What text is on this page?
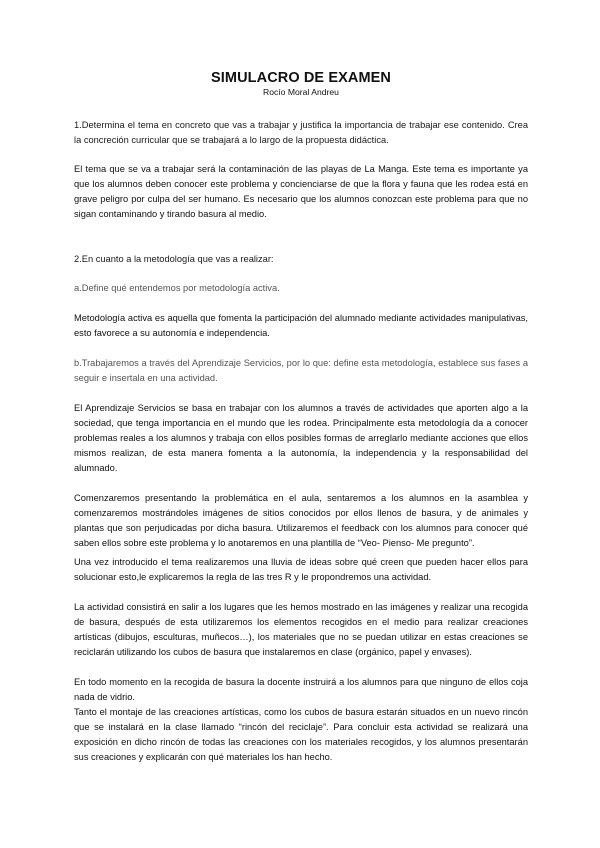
SIMULACRO DE EXAMEN
Rocío Moral Andreu

1.Determina el tema en concreto que vas a trabajar y justifica la importancia de trabajar ese contenido. Crea la concreción curricular que se trabajará a lo largo de la propuesta didáctica.

El tema que se va a trabajar será la contaminación de las playas de La Manga. Este tema es importante ya que los alumnos deben conocer este problema y concienciarse de que la flora y fauna que les rodea está en grave peligro por culpa del ser humano. Es necesario que los alumnos conozcan este problema para que no sigan contaminando y tirando basura al medio.

2.En cuanto a la metodología que vas a realizar:

a.Define qué entendemos por metodología activa.

Metodología activa es aquella que fomenta la participación del alumnado mediante actividades manipulativas, esto favorece a su autonomía e independencia.

b.Trabajaremos a través del Aprendizaje Servicios, por lo que: define esta metodología, establece sus fases a seguir e insertala en una actividad.

El Aprendizaje Servicios se basa en trabajar con los alumnos a través de actividades que aporten algo a la sociedad, que tenga importancia en el mundo que les rodea. Principalmente esta metodología da a conocer problemas reales a los alumnos y trabaja con ellos posibles formas de arreglarlo mediante acciones que ellos mismos realizan, de esta manera fomenta a la autonomía, la independencia y la responsabilidad del alumnado.

Comenzaremos presentando la problemática en el aula, sentaremos a los alumnos en la asamblea y comenzaremos mostrándoles imágenes de sitios conocidos por ellos llenos de basura, y de animales y plantas que son perjudicadas por dicha basura. Utilizaremos el feedback con los alumnos para conocer qué saben ellos sobre este problema y lo anotaremos en una plantilla de “Veo- Pienso- Me pregunto”.

Una vez introducido el tema realizaremos una lluvia de ideas sobre qué creen que pueden hacer ellos para solucionar esto,le explicaremos la regla de las tres R y le propondremos una actividad.

La actividad consistirá en salir a los lugares que les hemos mostrado en las imágenes y realizar una recogida de basura, después de esta utilizaremos los elementos recogidos en el medio para realizar creaciones artísticas (dibujos, esculturas, muñecos…), los materiales que no se puedan utilizar en estas creaciones se reciclarán utilizando los cubos de basura que instalaremos en clase (orgánico, papel y envases).

En todo momento en la recogida de basura la docente instruirá a los alumnos para que ninguno de ellos coja nada de vidrio.

Tanto el montaje de las creaciones artísticas, como los cubos de basura estarán situados en un nuevo rincón que se instalará en la clase llamado “rincón del reciclaje”. Para concluir esta actividad se realizará una exposición en dicho rincón de todas las creaciones con los materiales recogidos, y los alumnos presentarán sus creaciones y explicarán con qué materiales los han hecho.
